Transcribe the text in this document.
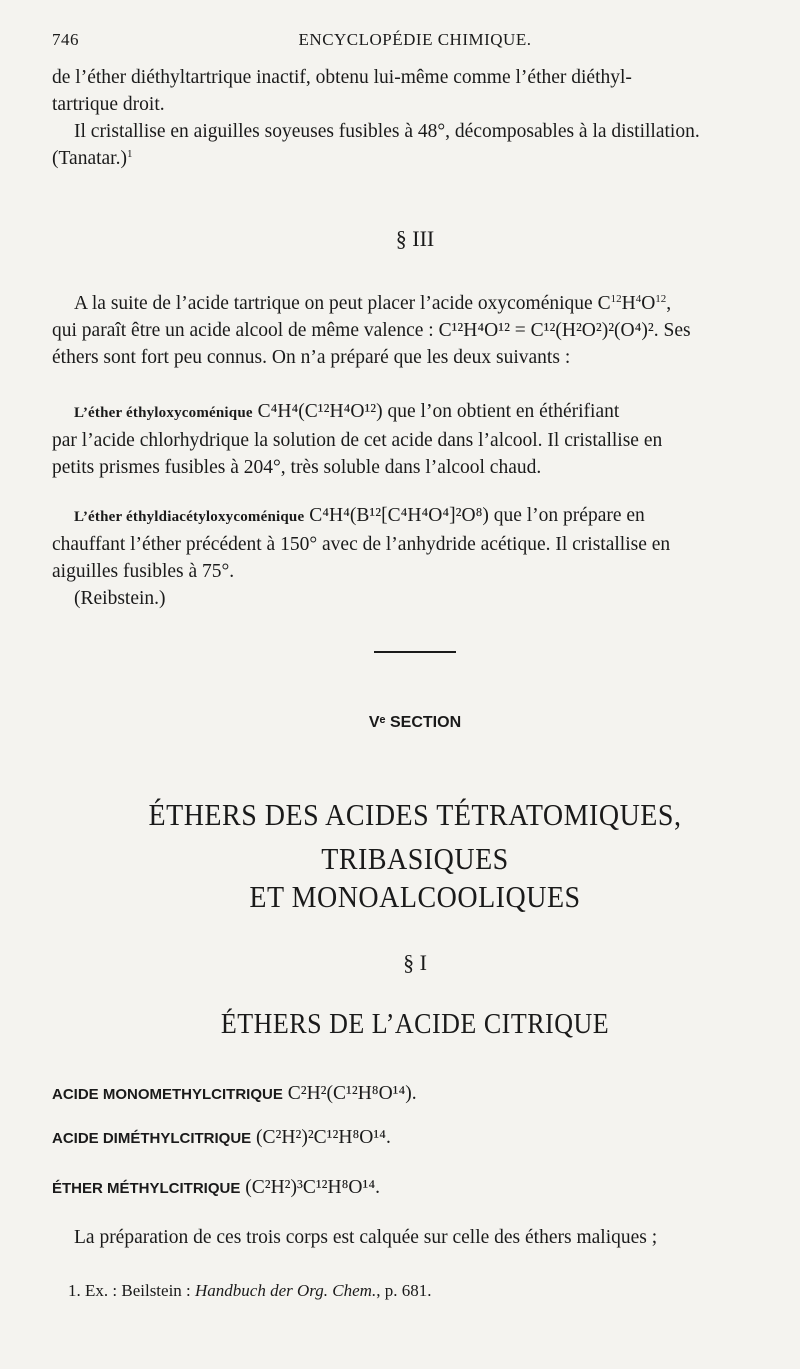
746	ENCYCLOPÉDIE CHIMIQUE.

de l’éther diéthyltartrique inactif, obtenu lui-même comme l’éther diéthyl-

tartrique droit.

Il cristallise en aiguilles soyeuses fusibles à 48°, décomposables à la distillation.

(Tanatar.)$^1$

§ III

A la suite de l’acide tartrique on peut placer l’acide oxycoménique $C^{12}H^4O^{12}$,

qui paraît être un acide alcool de même valence : C¹²H⁴O¹² = C¹²(H²O²)²(O⁴)². Ses

éthers sont fort peu connus. On n’a préparé que les deux suivants :

L’éther éthyloxycoménique C⁴H⁴(C¹²H⁴O¹²) que l’on obtient en éthérifiant

par l’acide chlorhydrique la solution de cet acide dans l’alcool. Il cristallise en

petits prismes fusibles à 204°, très soluble dans l’alcool chaud.

L’éther éthyldiacétyloxycoménique C⁴H⁴(B¹²[C⁴H⁴O⁴]²O⁸) que l’on prépare en

chauffant l’éther précédent à 150° avec de l’anhydride acétique. Il cristallise en

aiguilles fusibles à 75°.

(Reibstein.)

Vᵉ SECTION
ÉTHERS DES ACIDES TÉTRATOMIQUES, TRIBASIQUES
ET MONOALCOOLIQUES
§ I
ÉTHERS DE L’ACIDE CITRIQUE

ACIDE MONOMETHYLCITRIQUE C²H²(C¹²H⁸O¹⁴).

ACIDE DIMÉTHYLCITRIQUE (C²H²)²C¹²H⁸O¹⁴.

ÉTHER MÉTHYLCITRIQUE (C²H²)³C¹²H⁸O¹⁴.

La préparation de ces trois corps est calquée sur celle des éthers maliques ;

1. Ex. : Beilstein : Handbuch der Org. Chem., p. 681.
